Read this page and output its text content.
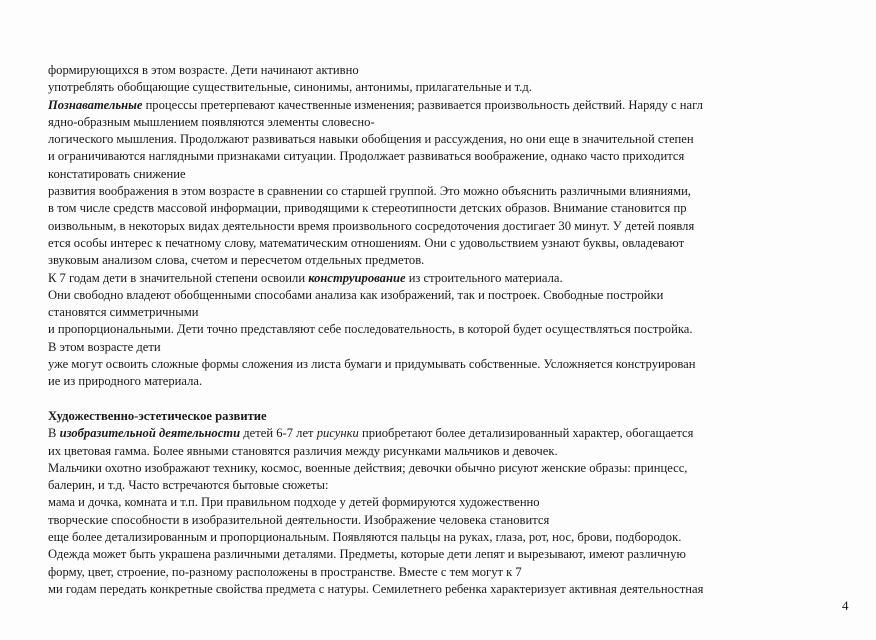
формирующихся в этом возрасте. Дети начинают активно
употреблять обобщающие существительные, синонимы, антонимы, прилагательные и т.д.
Познавательные процессы претерпевают качественные изменения; развивается произвольность действий. Наряду с нагл
ядно-образным мышлением появляются элементы словесно-
логического мышления. Продолжают развиваться навыки обобщения и рассуждения, но они еще в значительной степен
и ограничиваются наглядными признаками ситуации. Продолжает развиваться воображение, однако часто приходится
констатировать снижение
развития воображения в этом возрасте в сравнении со старшей группой. Это можно объяснить различными влияниями,
в том числе средств массовой информации, приводящими к стереотипности детских образов. Внимание становится пр
оизвольным, в некоторых видах деятельности время произвольного сосредоточения достигает 30 минут. У детей появля
ется особы интерес к печатному слову, математическим отношениям. Они с удовольствием узнают буквы, овладевают
звуковым анализом слова, счетом и пересчетом отдельных предметов.
К 7 годам дети в значительной степени освоили конструирование из строительного материала.
Они свободно владеют обобщенными способами анализа как изображений, так и построек. Свободные постройки
становятся симметричными
и пропорциональными. Дети точно представляют себе последовательность, в которой будет осуществляться постройка.
В этом возрасте дети
уже могут освоить сложные формы сложения из листа бумаги и придумывать собственные. Усложняется конструирован
ие из природного материала.
Художественно-эстетическое развитие
В изобразительной деятельности детей 6-7 лет рисунки приобретают более детализированный характер, обогащается
их цветовая гамма. Более явными становятся различия между рисунками мальчиков и девочек.
Мальчики охотно изображают технику, космос, военные действия; девочки обычно рисуют женские образы: принцесс,
балерин, и т.д. Часто встречаются бытовые сюжеты:
мама и дочка, комната и т.п. При правильном подходе у детей формируются художественно
творческие способности в изобразительной деятельности. Изображение человека становится
еще более детализированным и пропорциональным. Появляются пальцы на руках, глаза, рот, нос, брови, подбородок.
Одежда может быть украшена различными деталями. Предметы, которые дети лепят и вырезывают, имеют различную
форму, цвет, строение, по-разному расположены в пространстве. Вместе с тем могут к 7
ми годам передать конкретные свойства предмета с натуры. Семилетнего ребенка характеризует активная деятельностная
4
